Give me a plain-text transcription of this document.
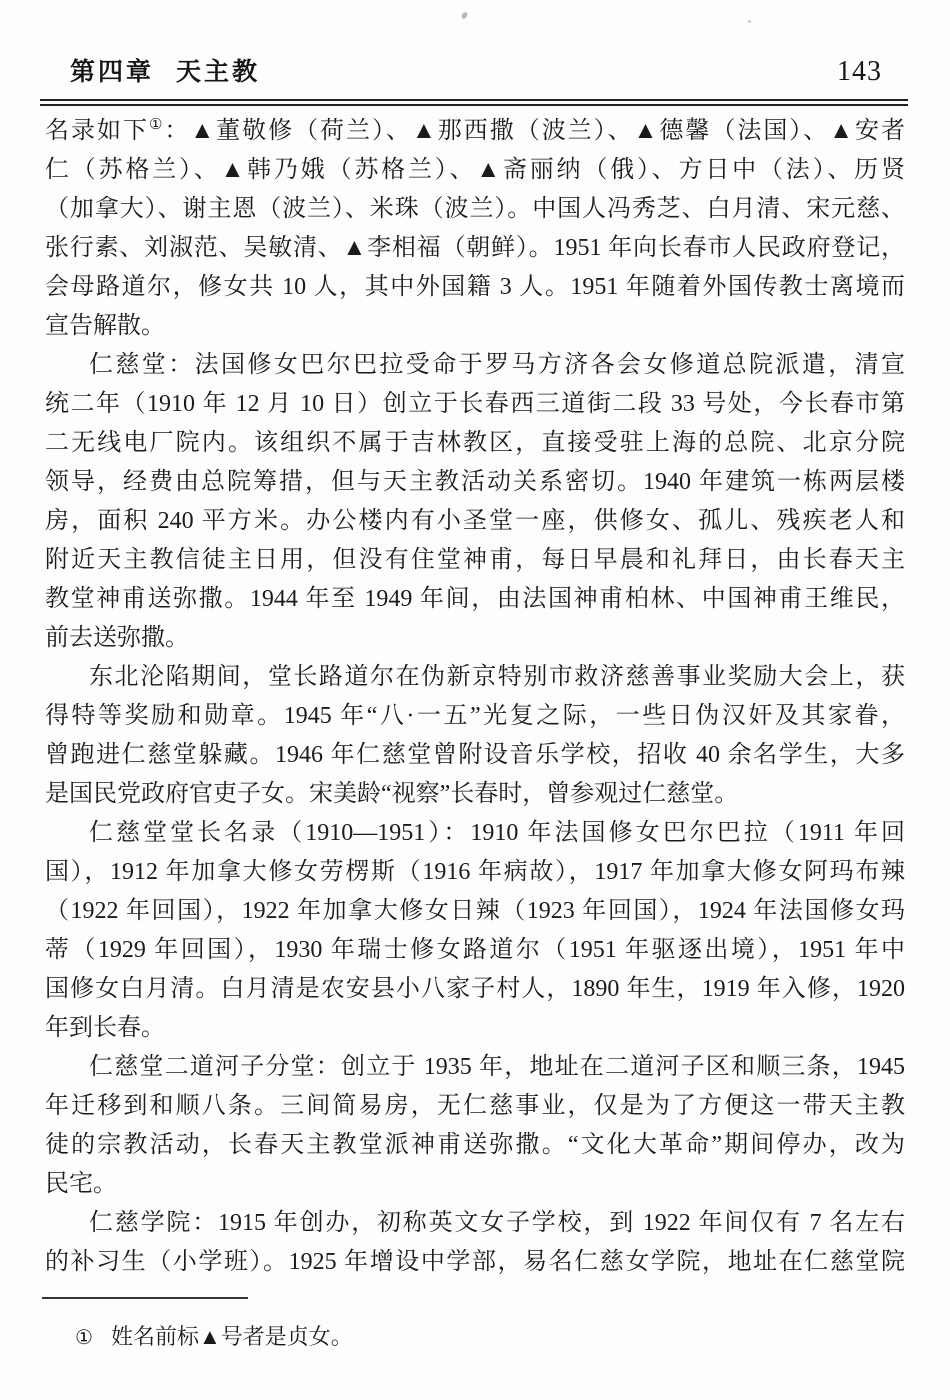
第四章 天主教	143
名录如下①：▲董敬修（荷兰）、▲那西撒（波兰）、▲德馨（法国）、▲安者
仁（苏格兰）、▲韩乃娥（苏格兰）、▲斋丽纳（俄）、方日中（法）、历贤
（加拿大）、谢主恩（波兰）、米珠（波兰）。中国人冯秀芝、白月清、宋元慈、
张行素、刘淑范、吴敏清、▲李相福（朝鲜）。1951 年向长春市人民政府登记，
会母路道尔，修女共 10 人，其中外国籍 3 人。1951 年随着外国传教士离境而
宣告解散。
仁慈堂：法国修女巴尔巴拉受命于罗马方济各会女修道总院派遣，清宣
统二年（1910 年 12 月 10 日）创立于长春西三道街二段 33 号处，今长春市第
二无线电厂院内。该组织不属于吉林教区，直接受驻上海的总院、北京分院
领导，经费由总院筹措，但与天主教活动关系密切。1940 年建筑一栋两层楼
房，面积 240 平方米。办公楼内有小圣堂一座，供修女、孤儿、残疾老人和
附近天主教信徒主日用，但没有住堂神甫，每日早晨和礼拜日，由长春天主
教堂神甫送弥撒。1944 年至 1949 年间，由法国神甫柏林、中国神甫王维民，
前去送弥撒。
东北沦陷期间，堂长路道尔在伪新京特别市救济慈善事业奖励大会上，获
得特等奖励和勋章。1945 年“八·一五”光复之际，一些日伪汉奸及其家眷，
曾跑进仁慈堂躲藏。1946 年仁慈堂曾附设音乐学校，招收 40 余名学生，大多
是国民党政府官吏子女。宋美龄“视察”长春时，曾参观过仁慈堂。
仁慈堂堂长名录（1910—1951）：1910 年法国修女巴尔巴拉（1911 年回
国），1912 年加拿大修女劳楞斯（1916 年病故），1917 年加拿大修女阿玛布辣
（1922 年回国），1922 年加拿大修女日辣（1923 年回国），1924 年法国修女玛
蒂（1929 年回国），1930 年瑞士修女路道尔（1951 年驱逐出境），1951 年中
国修女白月清。白月清是农安县小八家子村人，1890 年生，1919 年入修，1920
年到长春。
仁慈堂二道河子分堂：创立于 1935 年，地址在二道河子区和顺三条，1945
年迁移到和顺八条。三间简易房，无仁慈事业，仅是为了方便这一带天主教
徒的宗教活动，长春天主教堂派神甫送弥撒。“文化大革命”期间停办，改为
民宅。
仁慈学院：1915 年创办，初称英文女子学校，到 1922 年间仅有 7 名左右
的补习生（小学班）。1925 年增设中学部，易名仁慈女学院，地址在仁慈堂院
① 姓名前标▲号者是贞女。
